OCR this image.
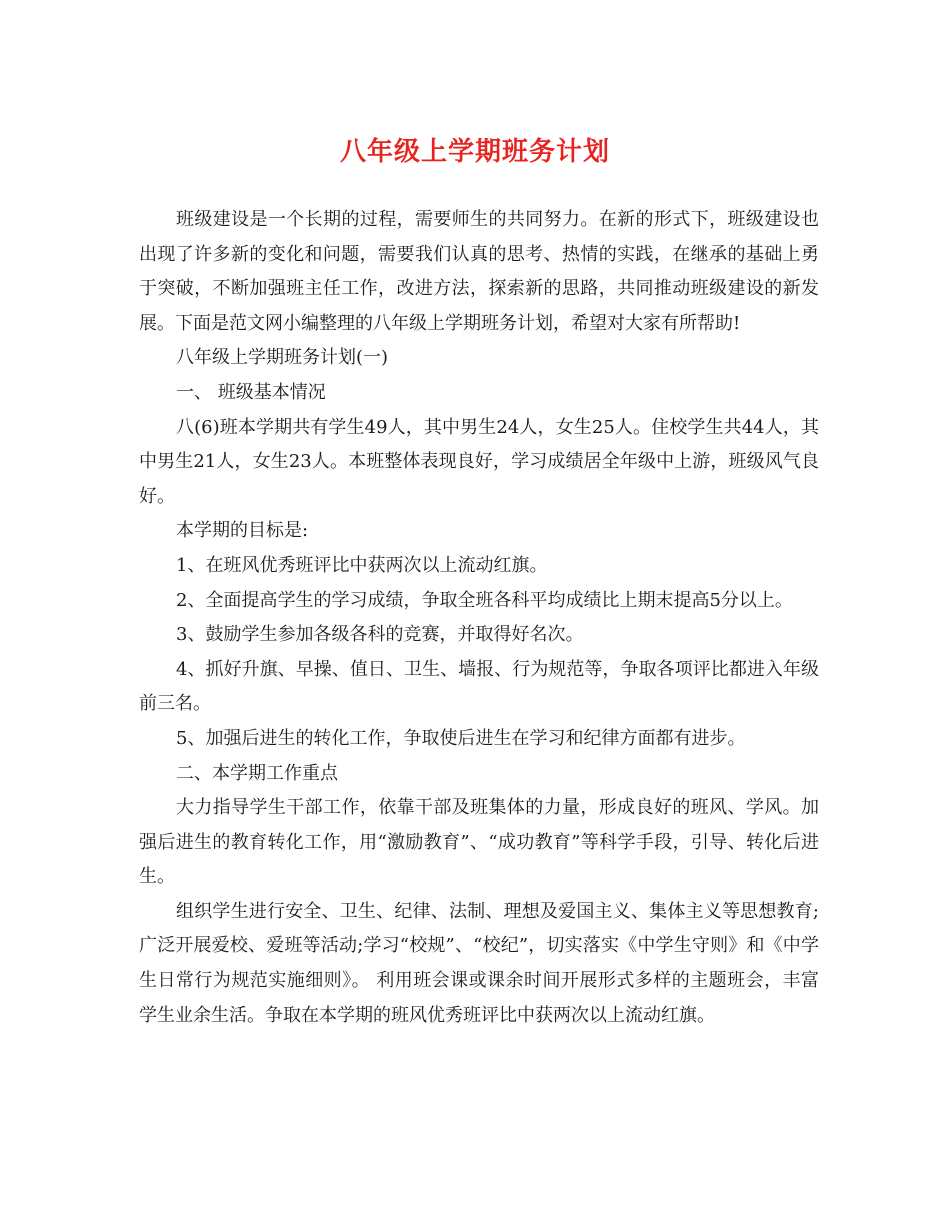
八年级上学期班务计划

班级建设是一个长期的过程，需要师生的共同努力。在新的形式下，班级建设也出现了许多新的变化和问题，需要我们认真的思考、热情的实践，在继承的基础上勇于突破，不断加强班主任工作，改进方法，探索新的思路，共同推动班级建设的新发展。下面是范文网小编整理的八年级上学期班务计划，希望对大家有所帮助!

八年级上学期班务计划(一)

一、 班级基本情况

八(6)班本学期共有学生49人，其中男生24人，女生25人。住校学生共44人，其中男生21人，女生23人。本班整体表现良好，学习成绩居全年级中上游，班级风气良好。

本学期的目标是:

1、在班风优秀班评比中获两次以上流动红旗。

2、全面提高学生的学习成绩，争取全班各科平均成绩比上期末提高5分以上。

3、鼓励学生参加各级各科的竞赛，并取得好名次。

4、抓好升旗、早操、值日、卫生、墙报、行为规范等，争取各项评比都进入年级前三名。

5、加强后进生的转化工作，争取使后进生在学习和纪律方面都有进步。

二、本学期工作重点

大力指导学生干部工作，依靠干部及班集体的力量，形成良好的班风、学风。加强后进生的教育转化工作，用“激励教育”、“成功教育”等科学手段，引导、转化后进生。

组织学生进行安全、卫生、纪律、法制、理想及爱国主义、集体主义等思想教育;广泛开展爱校、爱班等活动;学习“校规”、“校纪”，切实落实《中学生守则》和《中学生日常行为规范实施细则》。 利用班会课或课余时间开展形式多样的主题班会，丰富学生业余生活。争取在本学期的班风优秀班评比中获两次以上流动红旗。
